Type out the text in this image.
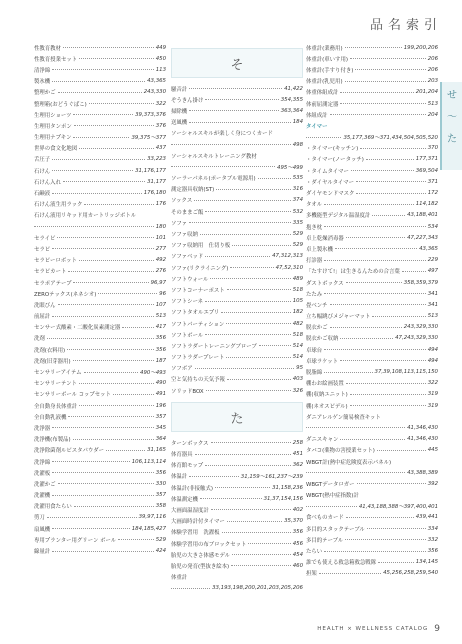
品名索引
せ
〜
た
性教育教材	449
性教育授業セット	450
清浄綿	113
製氷機	43,365
整理かご	243,330
整理箱(おどうぐばこ)	322
生理用ショーツ	39,373,376
生理用タンポン	376
生理用ナプキン	39,375〜377
世界の食文化地図	437
舌圧子	33,223
石けん	31,176,177
石けん入れ	31,177
石鹸液	176,180
石けん液生用ラック	176
石けん液用リキッド用カートリッジボトル
180
セライピ	101
セラピ	277
セラピーロボット	492
セラピカート	276
セラポアテープ	96,97
ZEROテックス(ネネシオ)	96
洗眼びん	107
前屈計	513
センサー式酸素・二酸化炭素測定器	417
洗剤	356
洗剤(衣料用)	356
洗剤(旧芽器用)	187
センサリーアイテム	490〜493
センサリーテント	490
センサリーボール コップセット	491
全自動身長体重計	196
全自動乳液機	357
洗浄器	345
洗浄機(布製品)	364
洗浄除菌剤ルビスタパウダー	31,165
洗浄綿	106,113,114
洗濯板	356
洗濯かご	330
洗濯機	357
洗濯用食たらい	358
剪刀	39,97,116
扇風機	184,185,427
専用プランター用グリーン ボール	529
線量計	424
そ
騒音計	41,422
ぞうきん掛け	354,355
掃除機	363,364
送風機	184
ソーシャルスキルが楽しく身につくカード
498
ソーシャルスキルトレーニング教材
495〜499
ソーラーパネル(ポータブル電源用)	535
測定器具収納(ST)	316
ソックス	374
そのままご飯	532
ソファ	335
ソファ収納	529
ソファ収納用　仕切り板	529
ソファベッド	47,312,313
ソファ(リクライニング)	47,52,310
ソフトウォール	489
ソフトコーナーポスト	518
ソフトシーネ	105
ソフトタオルエプリ	182
ソフトパーティション	482
ソフトボール	518
ソフトラダートレーニングブローブ	514
ソフトラダープレート	514
ソフボア	95
空と気持ちの天気予報	403
ソリッドBOX	326
た
ターンボックス	258
体育器具	451
体育館モップ	362
体温計	31,159〜161,237〜239
体温計(非接触式)	31,158,236
体温測定機	31,37,154,156
大画面温湿度計	402
大画面時計付タイマー	35,370
体験学習用　洗濯板	356
体験学習用の布ブロックセット	456
胎児の大きさ体感モデル	454
胎児の発育(型抜き絵本)	460
体重計
33,193,198,200,201,203,205,206
体重計(業務用)	199,200,206
体重計(車いす用)	206
体重計(手すり付き)	206
体重計(乳児用)	203
体重体組成計	201,204
体前屈測定器	513
体組成計	204
タイマー
35,177,369〜371,434,504,505,520
・タイマー(キッチン)	370
・タイマー(ノータッチ)	177,371
・タイムタイマー	369,504
・ダイヤルタイマー	371
ダイヤモンドマスク	172
タオル	114,182
多機能型デジタル温湿度計	43,188,401
抱き枕	534
卓上乾燥消毒器	47,227,343
卓上製氷機	43,365
打診器	229
「たすけて!」は生きるんための合言葉	497
ダストボックス	358,359,379
たたみ	341
畳ベンチ	341
立ち幅跳びメジャーマット	513
脱衣かご	243,329,330
脱衣かご収納	47,243,329,330
卓球台	494
卓球ラケット	494
脱脂綿	37,39,108,113,115,150
棚わお絵画装置	322
棚(収納ユニット)	319
棚(ネオスピデル)	319
ダニアレルゲン簡易検査キット
41,346,430
ダニスキャン	41,346,430
タバコ(薬物の害授業セット)	445
WBGT計(熱中症危険度表示パネル)
43,388,389
WBGTデータロガー	392
WBGT(熱中症指数)計
41,43,188,388〜397,400,401
食べものカード	439,441
多目的スタックテーブル	334
多目的テーブル	332
たらい	356
誰でも使える救急箱救急戦隊	134,145
担架	45,256,258,259,540
HEALTH × WELLNESS CATALOG 9
